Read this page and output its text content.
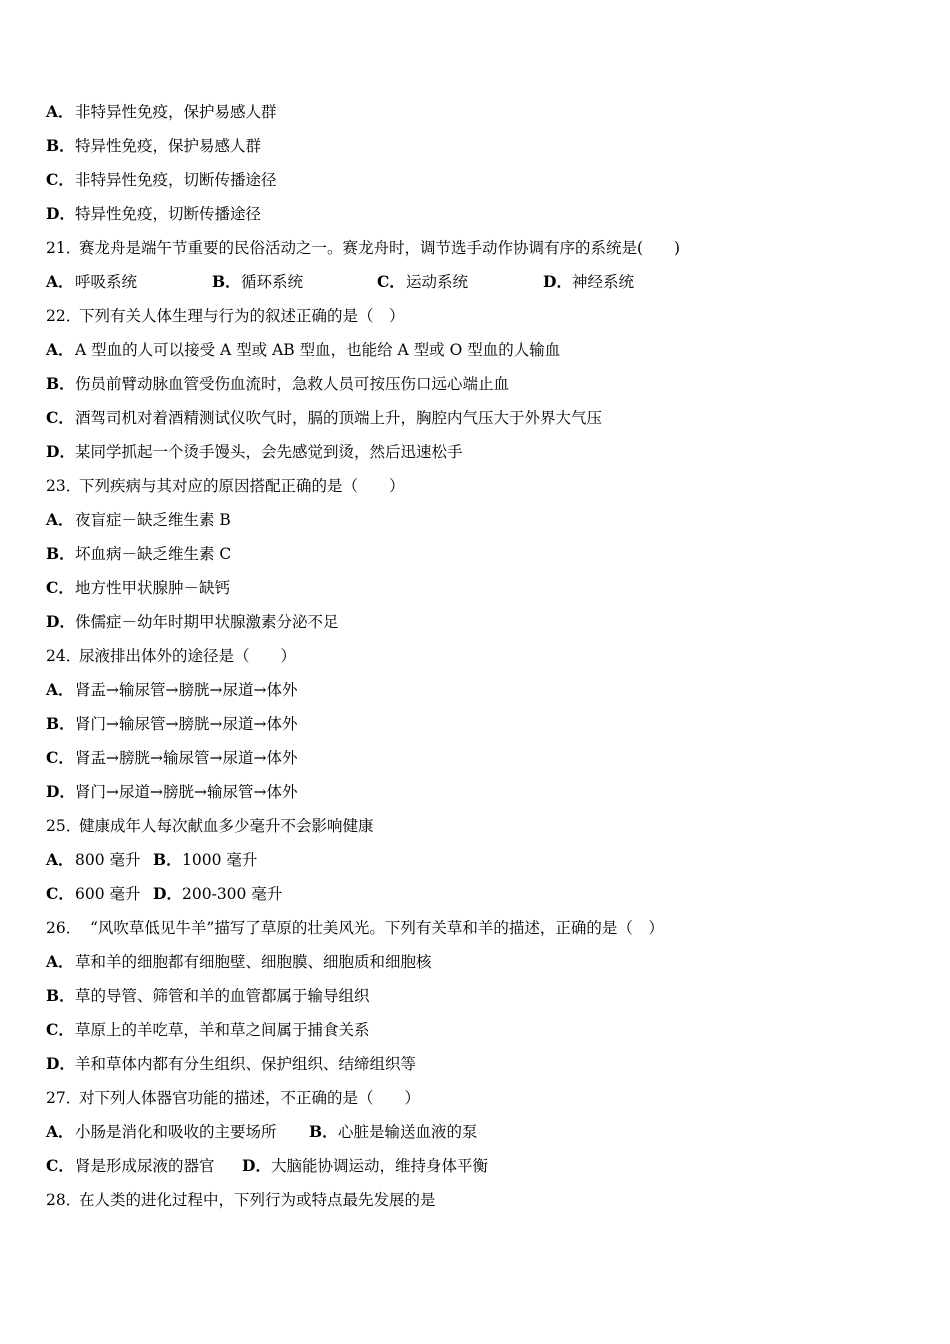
A． 非特异性免疫，保护易感人群
B． 特异性免疫，保护易感人群
C． 非特异性免疫，切断传播途径
D． 特异性免疫，切断传播途径
21．
赛龙舟是端午节重要的民俗活动之一。赛龙舟时，调节选手动作协调有序的系统是(　　)
A． 呼吸系统	B． 循环系统	C． 运动系统	D． 神经系统
22．
下列有关人体生理与行为的叙述正确的是（　）
A． A 型血的人可以接受 A 型或 AB 型血，也能给 A 型或 O 型血的人输血
B． 伤员前臂动脉血管受伤血流时，急救人员可按压伤口远心端止血
C． 酒驾司机对着酒精测试仪吹气时，膈的顶端上升，胸腔内气压大于外界大气压
D． 某同学抓起一个烫手馒头，会先感觉到烫，然后迅速松手
23．
下列疾病与其对应的原因搭配正确的是（　　）
A． 夜盲症－缺乏维生素 B
B． 坏血病－缺乏维生素 C
C． 地方性甲状腺肿－缺钙
D． 侏儒症－幼年时期甲状腺激素分泌不足
24．
尿液排出体外的途径是（　　）
A． 肾盂→输尿管→膀胱→尿道→体外
B． 肾门→输尿管→膀胱→尿道→体外
C． 肾盂→膀胱→输尿管→尿道→体外
D． 肾门→尿道→膀胱→输尿管→体外
25．
健康成年人每次献血多少毫升不会影响健康
A． 800 毫升 B． 1000 毫升
C． 600 毫升 D． 200-300 毫升
26． “风吹草低见牛羊”描写了草原的壮美风光。下列有关草和羊的描述，正确的是（　）
A． 草和羊的细胞都有细胞壁、细胞膜、细胞质和细胞核
B． 草的导管、筛管和羊的血管都属于输导组织
C． 草原上的羊吃草，羊和草之间属于捕食关系
D． 羊和草体内都有分生组织、保护组织、结缔组织等
27．
对下列人体器官功能的描述，不正确的是（　　）
A． 小肠是消化和吸收的主要场所 B． 心脏是输送血液的泵
C． 肾是形成尿液的器官 D． 大脑能协调运动，维持身体平衡
28．
在人类的进化过程中，下列行为或特点最先发展的是
